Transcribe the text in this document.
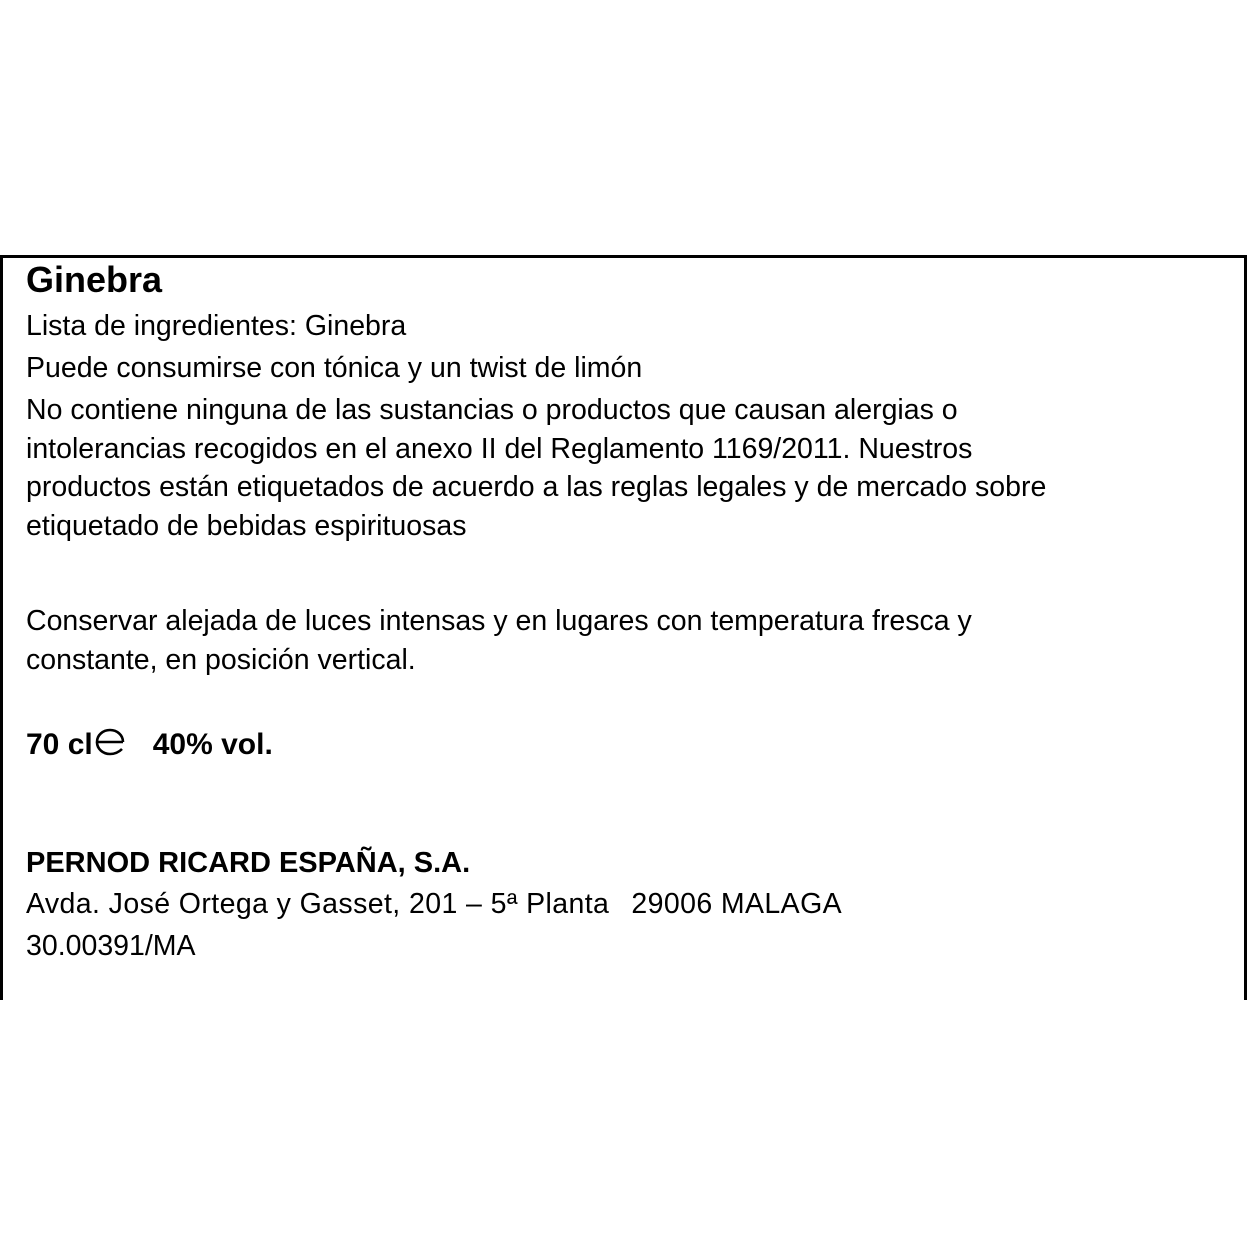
Ginebra
Lista de ingredientes: Ginebra
Puede consumirse con tónica y un twist de limón
No contiene ninguna de las sustancias o productos que causan alergias o
intolerancias recogidos en el anexo II del Reglamento 1169/2011. Nuestros
productos están etiquetados de acuerdo a las reglas legales y de mercado sobre
etiquetado de bebidas espirituosas
Conservar alejada de luces intensas y en lugares con temperatura fresca y
constante, en posición vertical.
70 cl 40% vol.
PERNOD RICARD ESPAÑA, S.A.
Avda. José Ortega y Gasset, 201 – 5ª Planta 29006 MALAGA
30.00391/MA
